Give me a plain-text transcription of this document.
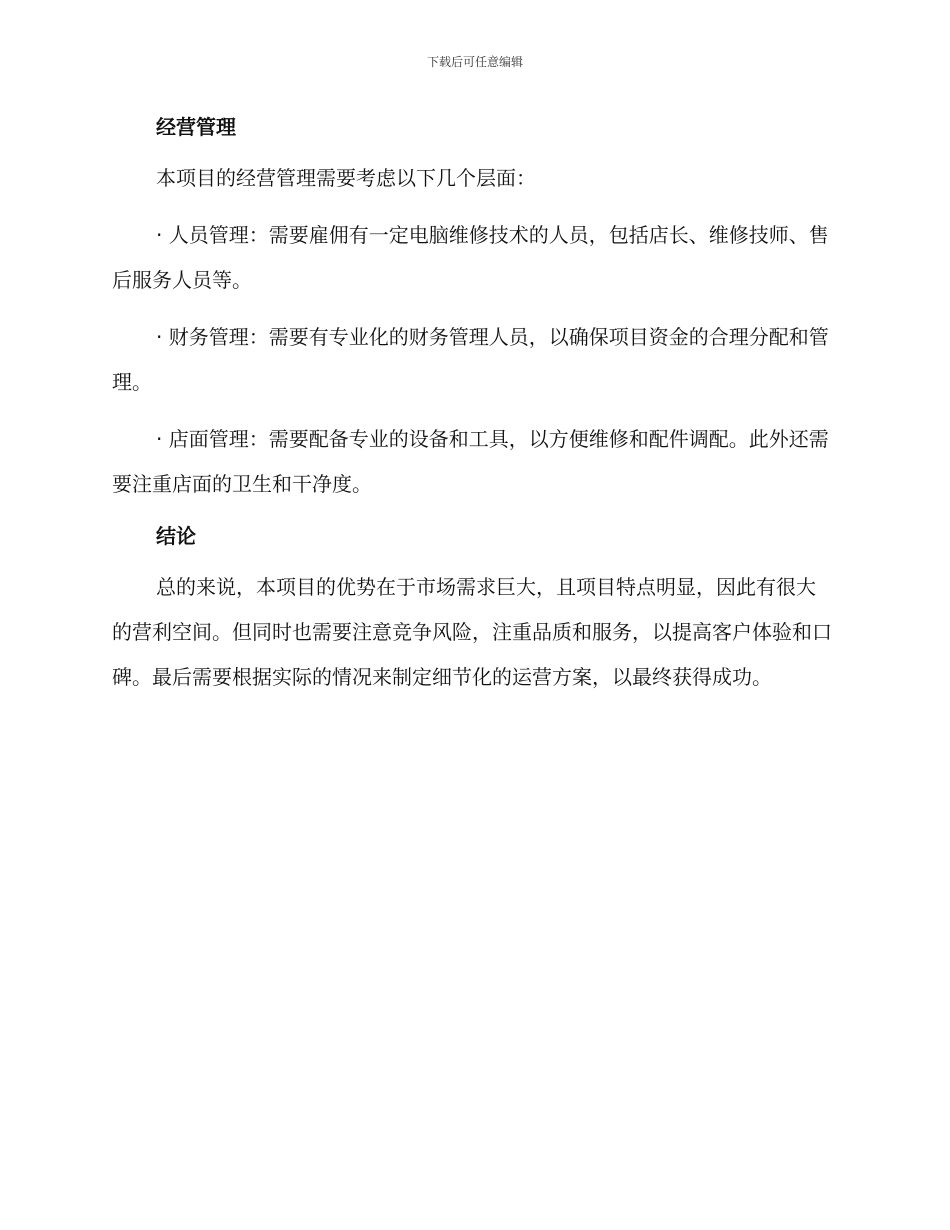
下载后可任意编辑
经营管理

本项目的经营管理需要考虑以下几个层面：

· 人员管理：需要雇佣有一定电脑维修技术的人员，包括店长、维修技师、售后服务人员等。

· 财务管理：需要有专业化的财务管理人员，以确保项目资金的合理分配和管理。

· 店面管理：需要配备专业的设备和工具，以方便维修和配件调配。此外还需要注重店面的卫生和干净度。

结论

总的来说，本项目的优势在于市场需求巨大，且项目特点明显，因此有很大的营利空间。但同时也需要注意竞争风险，注重品质和服务，以提高客户体验和口碑。最后需要根据实际的情况来制定细节化的运营方案，以最终获得成功。
